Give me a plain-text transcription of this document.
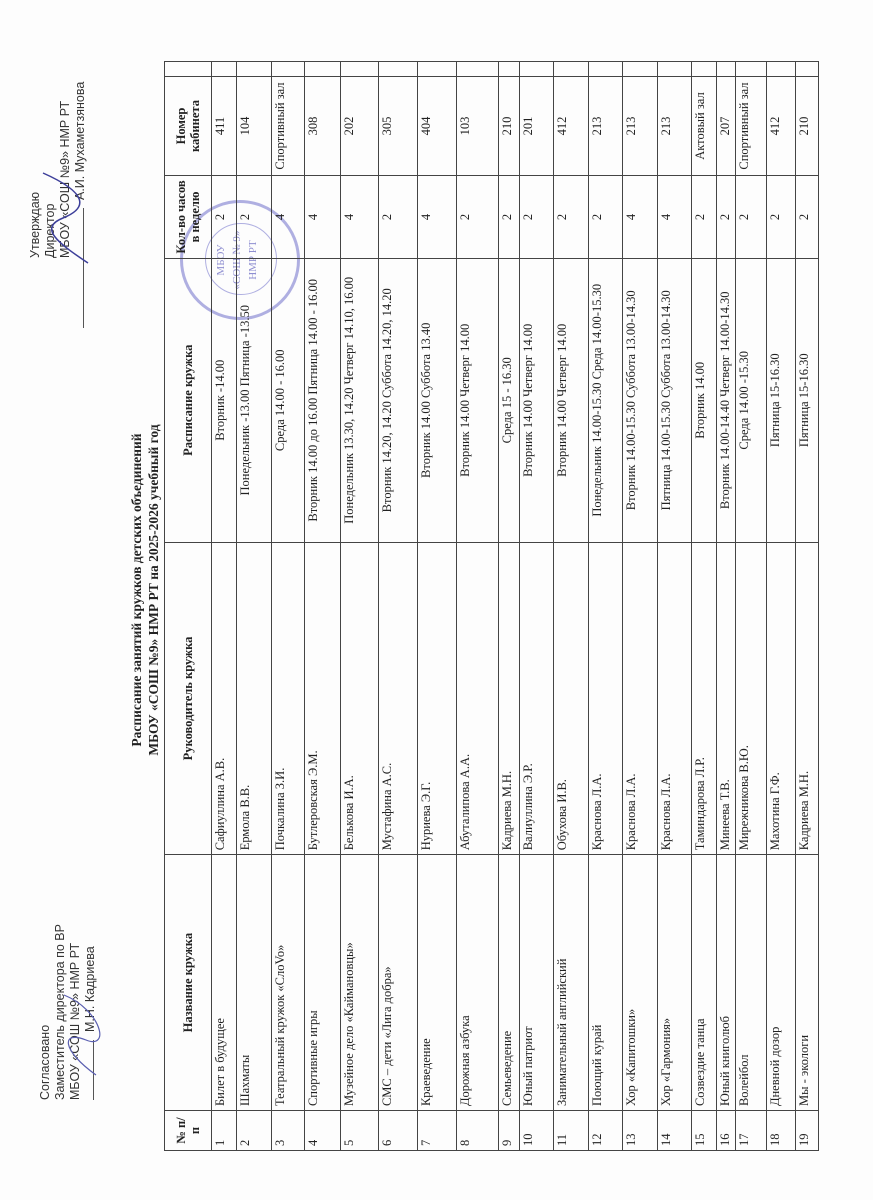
Согласовано Заместитель директора по ВР МБОУ «СОШ №9» НМР РТ М.Н. Кадриева
Расписание занятий кружков детских объединений МБОУ «СОШ №9» НМР РТ на 2025-2026 учебный год
МБОУ «СОШ № 9» НМР РТ
Утверждаю Директор МБОУ «СОШ №9» НМР РТ А.И. Мухаметзянова
№ п/п	Название кружка	Руководитель кружка	Расписание кружка	Кол-во часов в неделю	Номер кабинета	
1	Билет в будущее	Сафиуллина А.В.	Вторник -14.00	2	411	
2	Шахматы	Ермола В.В.	Понедельник -13.00 Пятница -13.50	2	104	
3	Театральный кружок «СлоVo»	Почкалина З.И.	Среда 14.00 - 16.00	4	Спортивный зал	
4	Спортивные игры	Бутлеровская Э.М.	Вторник 14.00 до 16.00 Пятница 14.00 - 16.00	4	308	
5	Музейное дело «Каймановцы»	Белькова И.А.	Понедельник 13.30, 14.20 Четверг 14.10, 16.00	4	202	
6	СМС – дети «Лига добра»	Мустафина А.С.	Вторник 14.20, 14.20 Суббота 14.20, 14.20	2	305	
7	Краеведение	Нуриева Э.Г.	Вторник 14.00 Суббота 13.40	4	404	
8	Дорожная азбука	Абуталипова А.А.	Вторник 14.00 Четверг 14.00	2	103	
9	Семьеведение	Кадриева М.Н.	Среда 15 - 16.30	2	210	
10	Юный патриот	Валиуллина Э.Р.	Вторник 14.00 Четверг 14.00	2	201	
11	Занимательный английский	Обухова И.В.	Вторник 14.00 Четверг 14.00	2	412	
12	Поющий курай	Краснова Л.А.	Понедельник 14.00-15.30 Среда 14.00-15.30	2	213	
13	Хор «Капитошки»	Краснова Л.А.	Вторник 14.00-15.30 Суббота 13.00-14.30	4	213	
14	Хор «Гармония»	Краснова Л.А.	Пятница 14.00-15.30 Суббота 13.00-14.30	4	213	
15	Созвездие танца	Таминдарова Л.Р.	Вторник 14.00	2	Актовый зал	
16	Юный книголюб	Минеева Т.В.	Вторник 14.00-14.40 Четверг 14.00-14.30	2	207	
17	Волейбол	Мирежникова В.Ю.	Среда 14.00 -15.30	2	Спортивный зал	
18	Дневной дозор	Махотина Г.Ф.	Пятница 15-16.30	2	412	
19	Мы - экологи	Кадриева М.Н.	Пятница 15-16.30	2	210	
